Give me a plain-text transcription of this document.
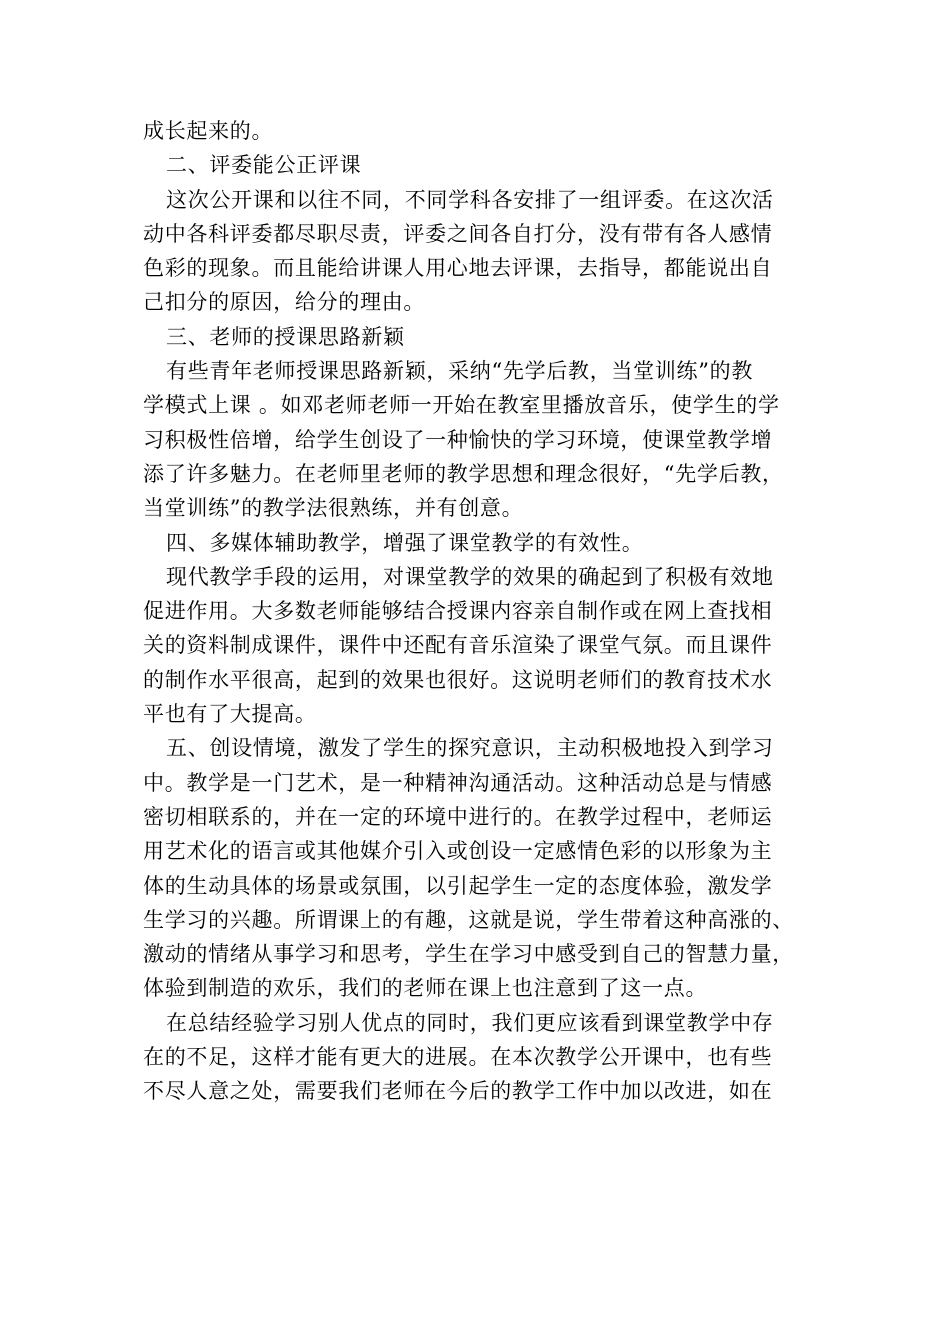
成长起来的。
二、评委能公正评课
这次公开课和以往不同，不同学科各安排了一组评委。在这次活
动中各科评委都尽职尽责，评委之间各自打分，没有带有各人感情
色彩的现象。而且能给讲课人用心地去评课，去指导，都能说出自
己扣分的原因，给分的理由。
三、老师的授课思路新颖
有些青年老师授课思路新颖，采纳“先学后教，当堂训练”的教
学模式上课 。如邓老师老师一开始在教室里播放音乐，使学生的学
习积极性倍增，给学生创设了一种愉快的学习环境，使课堂教学增
添了许多魅力。在老师里老师的教学思想和理念很好，“先学后教，
当堂训练”的教学法很熟练，并有创意。
四、多媒体辅助教学，增强了课堂教学的有效性。
现代教学手段的运用，对课堂教学的效果的确起到了积极有效地
促进作用。大多数老师能够结合授课内容亲自制作或在网上查找相
关的资料制成课件，课件中还配有音乐渲染了课堂气氛。而且课件
的制作水平很高，起到的效果也很好。这说明老师们的教育技术水
平也有了大提高。
五、创设情境，激发了学生的探究意识，主动积极地投入到学习
中。教学是一门艺术，是一种精神沟通活动。这种活动总是与情感
密切相联系的，并在一定的环境中进行的。在教学过程中，老师运
用艺术化的语言或其他媒介引入或创设一定感情色彩的以形象为主
体的生动具体的场景或氛围，以引起学生一定的态度体验，激发学
生学习的兴趣。所谓课上的有趣，这就是说，学生带着这种高涨的、
激动的情绪从事学习和思考，学生在学习中感受到自己的智慧力量，
体验到制造的欢乐，我们的老师在课上也注意到了这一点。
在总结经验学习别人优点的同时，我们更应该看到课堂教学中存
在的不足，这样才能有更大的进展。在本次教学公开课中，也有些
不尽人意之处，需要我们老师在今后的教学工作中加以改进，如在
